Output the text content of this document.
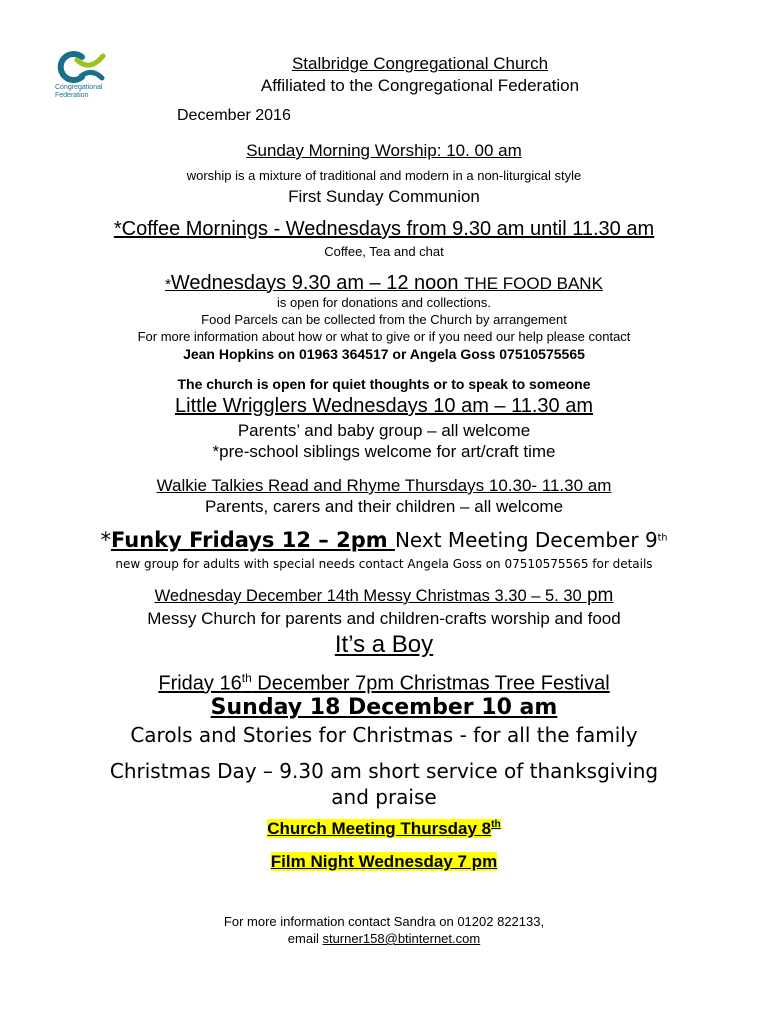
Congregational
Federation
Stalbridge Congregational Church
Affiliated to the Congregational Federation
December 2016
Sunday Morning Worship: 10. 00 am
worship is a mixture of traditional and modern in a non-liturgical style
First Sunday Communion
*Coffee Mornings - Wednesdays from 9.30 am until 11.30 am
Coffee, Tea and chat
*Wednesdays 9.30 am – 12 noon THE FOOD BANK
is open for donations and collections.
Food Parcels can be collected from the Church by arrangement
For more information about how or what to give or if you need our help please contact
Jean Hopkins on 01963 364517 or Angela Goss 07510575565
The church is open for quiet thoughts or to speak to someone
Little Wrigglers Wednesdays 10 am – 11.30 am
Parents’ and baby group – all welcome
*pre-school siblings welcome for art/craft time
Walkie Talkies Read and Rhyme Thursdays 10.30- 11.30 am
Parents, carers and their children – all welcome
*Funky Fridays 12 – 2pm Next Meeting December 9th
new group for adults with special needs contact Angela Goss on 07510575565 for details
Wednesday December 14th Messy Christmas 3.30 – 5. 30 pm
Messy Church for parents and children-crafts worship and food
It’s a Boy
Friday 16th December 7pm Christmas Tree Festival
Sunday 18 December 10 am
Carols and Stories for Christmas - for all the family
Christmas Day – 9.30 am short service of thanksgiving
and praise
Church Meeting Thursday 8th
Film Night Wednesday 7 pm
For more information contact Sandra on 01202 822133,
email sturner158@btinternet.com
